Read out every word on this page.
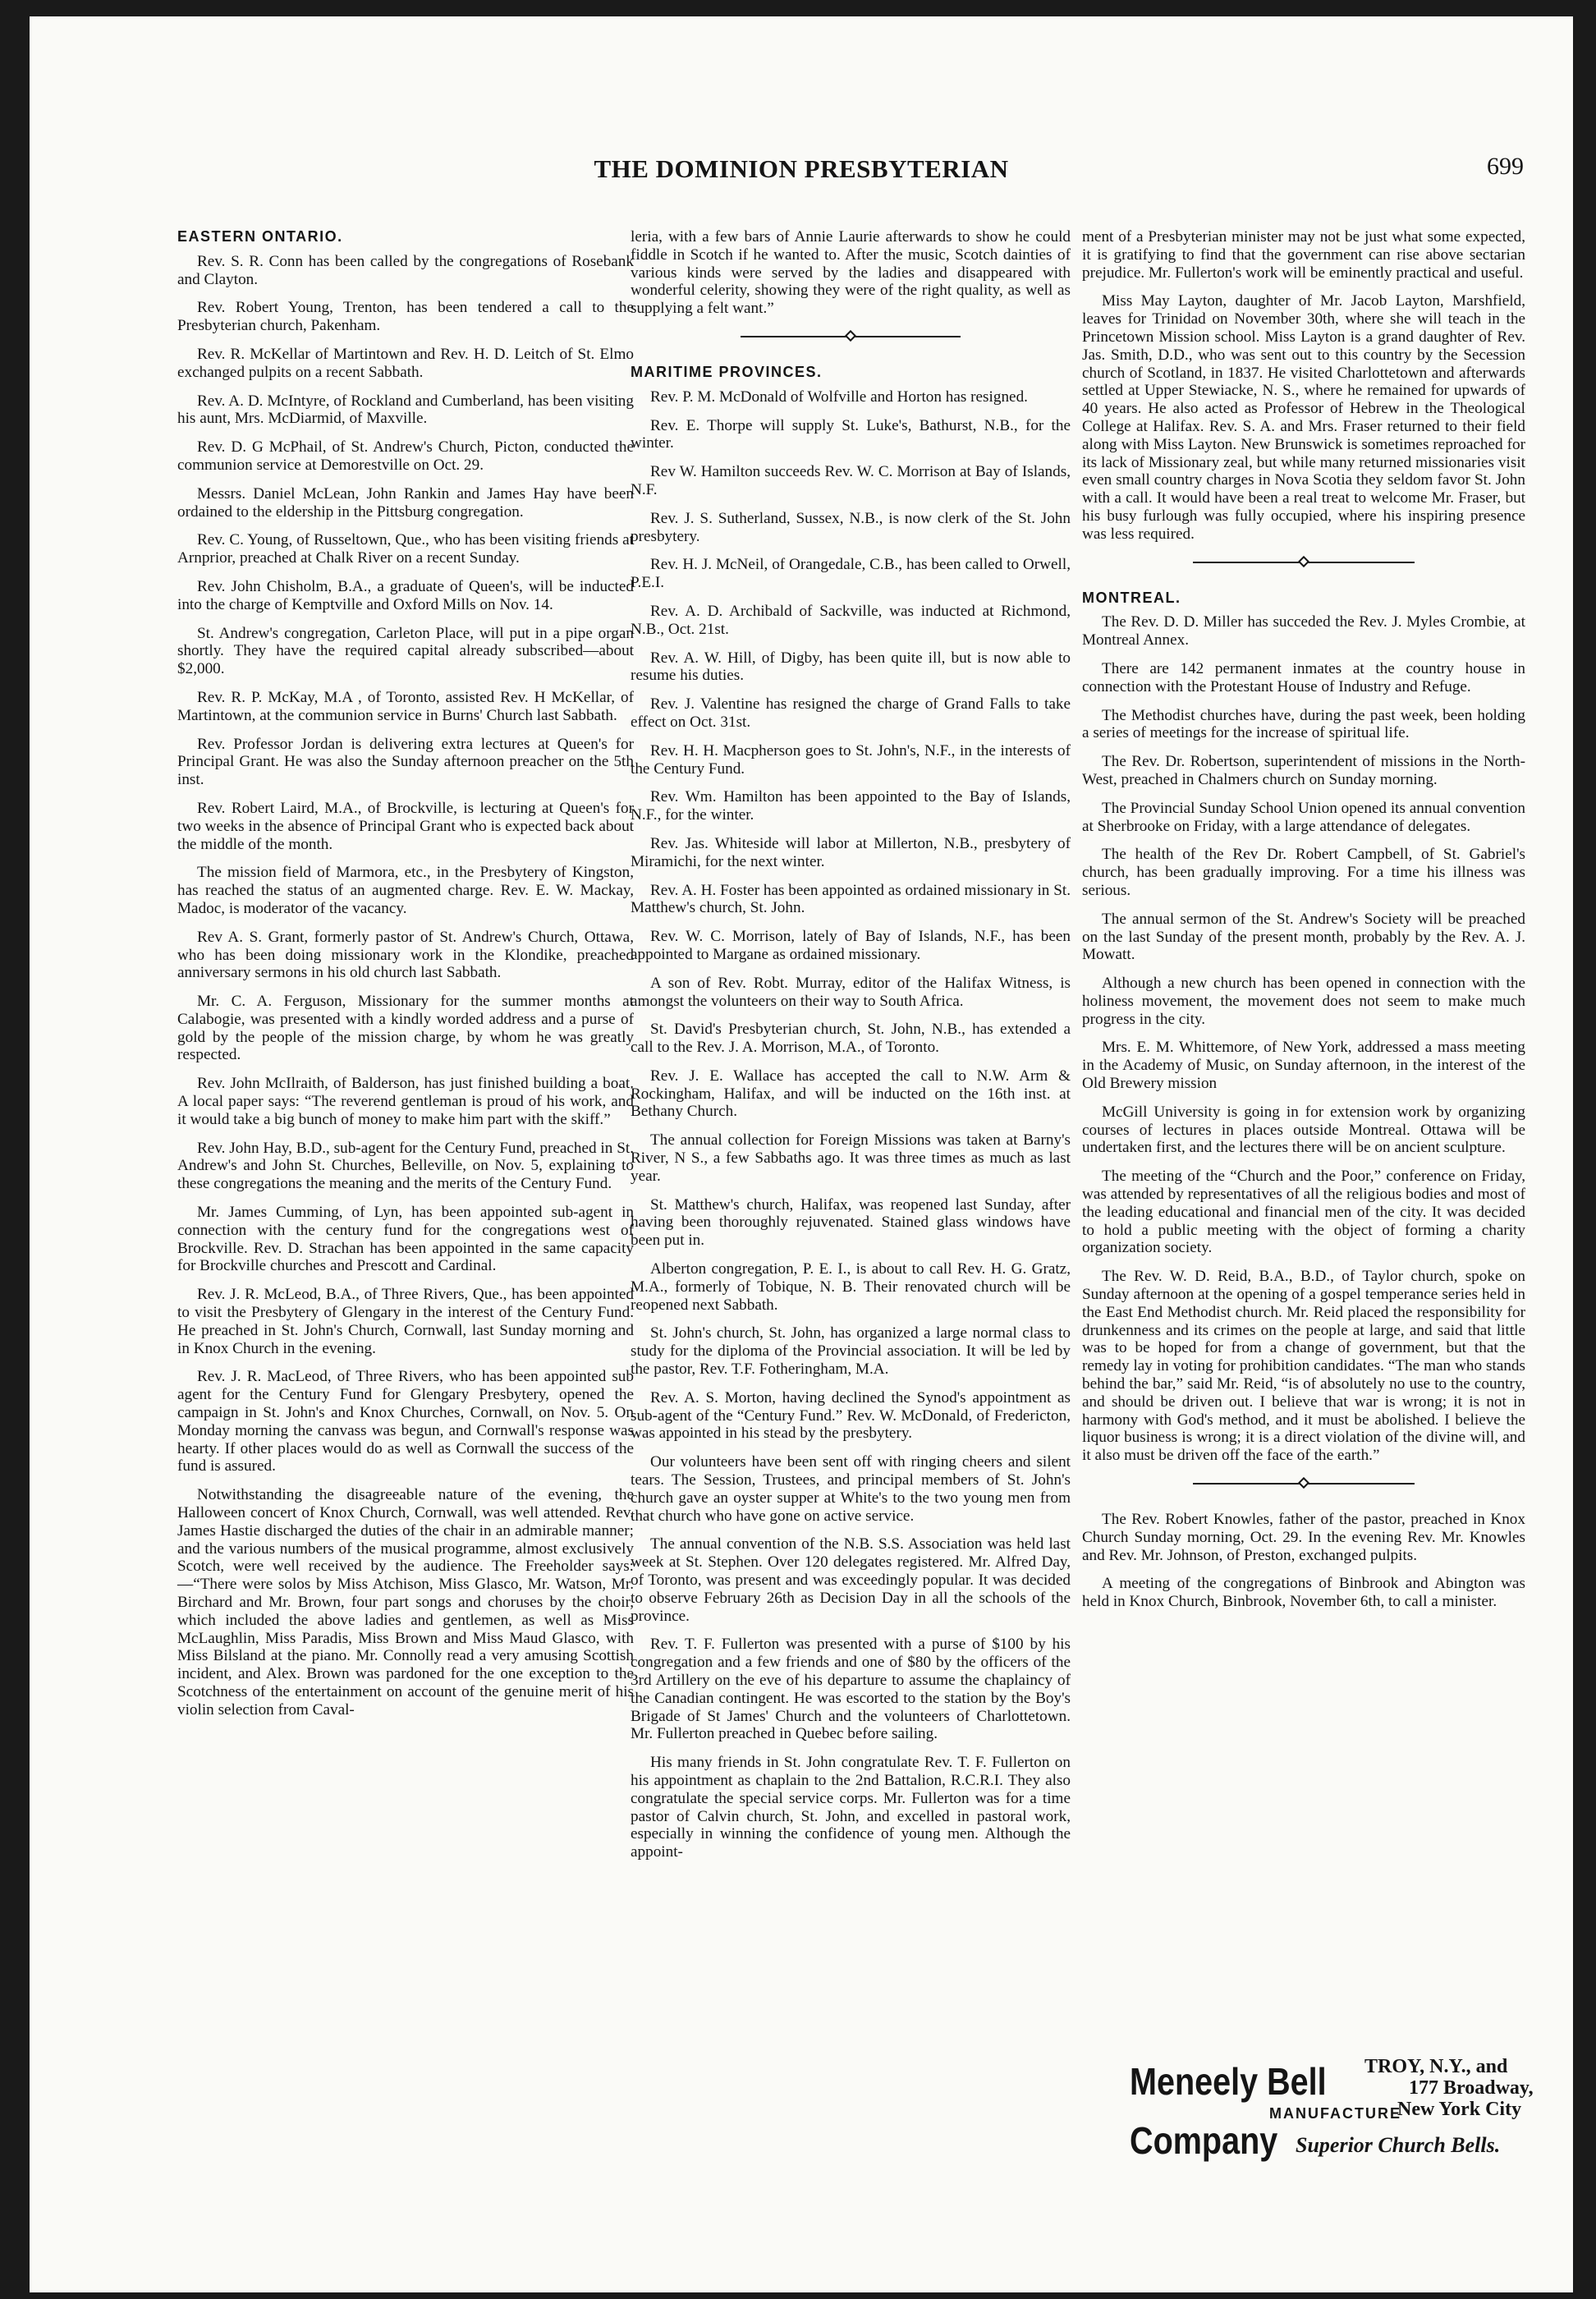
THE DOMINION PRESBYTERIAN	699
EASTERN ONTARIO.

Rev. S. R. Conn has been called by the congregations of Rosebank and Clayton.

Rev. Robert Young, Trenton, has been tendered a call to the Presbyterian church, Pakenham.

Rev. R. McKellar of Martintown and Rev. H. D. Leitch of St. Elmo exchanged pulpits on a recent Sabbath.

Rev. A. D. McIntyre, of Rockland and Cumberland, has been visiting his aunt, Mrs. McDiarmid, of Maxville.

Rev. D. G McPhail, of St. Andrew's Church, Picton, conducted the communion service at Demorestville on Oct. 29.

Messrs. Daniel McLean, John Rankin and James Hay have been ordained to the eldership in the Pittsburg congregation.

Rev. C. Young, of Russeltown, Que., who has been visiting friends at Arnprior, preached at Chalk River on a recent Sunday.

Rev. John Chisholm, B.A., a graduate of Queen's, will be inducted into the charge of Kemptville and Oxford Mills on Nov. 14.

St. Andrew's congregation, Carleton Place, will put in a pipe organ shortly. They have the required capital already subscribed—about $2,000.

Rev. R. P. McKay, M.A , of Toronto, assisted Rev. H McKellar, of Martintown, at the communion service in Burns' Church last Sabbath.

Rev. Professor Jordan is delivering extra lectures at Queen's for Principal Grant. He was also the Sunday afternoon preacher on the 5th inst.

Rev. Robert Laird, M.A., of Brockville, is lecturing at Queen's for two weeks in the absence of Principal Grant who is expected back about the middle of the month.

The mission field of Marmora, etc., in the Presbytery of Kingston, has reached the status of an augmented charge. Rev. E. W. Mackay, Madoc, is moderator of the vacancy.

Rev A. S. Grant, formerly pastor of St. Andrew's Church, Ottawa, who has been doing missionary work in the Klondike, preached anniversary sermons in his old church last Sabbath.

Mr. C. A. Ferguson, Missionary for the summer months at Calabogie, was presented with a kindly worded address and a purse of gold by the people of the mission charge, by whom he was greatly respected.

Rev. John McIlraith, of Balderson, has just finished building a boat. A local paper says: “The reverend gentleman is proud of his work, and it would take a big bunch of money to make him part with the skiff.”

Rev. John Hay, B.D., sub-agent for the Century Fund, preached in St. Andrew's and John St. Churches, Belleville, on Nov. 5, explaining to these congregations the meaning and the merits of the Century Fund.

Mr. James Cumming, of Lyn, has been appointed sub-agent in connection with the century fund for the congregations west of Brockville. Rev. D. Strachan has been appointed in the same capacity for Brockville churches and Prescott and Cardinal.

Rev. J. R. McLeod, B.A., of Three Rivers, Que., has been appointed to visit the Presbytery of Glengary in the interest of the Century Fund. He preached in St. John's Church, Cornwall, last Sunday morning and in Knox Church in the evening.

Rev. J. R. MacLeod, of Three Rivers, who has been appointed sub agent for the Century Fund for Glengary Presbytery, opened the campaign in St. John's and Knox Churches, Cornwall, on Nov. 5. On Monday morning the canvass was begun, and Cornwall's response was hearty. If other places would do as well as Cornwall the success of the fund is assured.

Notwithstanding the disagreeable nature of the evening, the Halloween concert of Knox Church, Cornwall, was well attended. Rev. James Hastie discharged the duties of the chair in an admirable manner; and the various numbers of the musical programme, almost exclusively Scotch, were well received by the audience. The Freeholder says:—“There were solos by Miss Atchison, Miss Glasco, Mr. Watson, Mr. Birchard and Mr. Brown, four part songs and choruses by the choir, which included the above ladies and gentlemen, as well as Miss McLaughlin, Miss Paradis, Miss Brown and Miss Maud Glasco, with Miss Bilsland at the piano. Mr. Connolly read a very amusing Scottish incident, and Alex. Brown was pardoned for the one exception to the Scotchness of the entertainment on account of the genuine merit of his violin selection from Caval-

leria, with a few bars of Annie Laurie afterwards to show he could fiddle in Scotch if he wanted to. After the music, Scotch dainties of various kinds were served by the ladies and disappeared with wonderful celerity, showing they were of the right quality, as well as supplying a felt want.”

MARITIME PROVINCES.

Rev. P. M. McDonald of Wolfville and Horton has resigned.

Rev. E. Thorpe will supply St. Luke's, Bathurst, N.B., for the winter.

Rev W. Hamilton succeeds Rev. W. C. Morrison at Bay of Islands, N.F.

Rev. J. S. Sutherland, Sussex, N.B., is now clerk of the St. John presbytery.

Rev. H. J. McNeil, of Orangedale, C.B., has been called to Orwell, P.E.I.

Rev. A. D. Archibald of Sackville, was inducted at Richmond, N.B., Oct. 21st.

Rev. A. W. Hill, of Digby, has been quite ill, but is now able to resume his duties.

Rev. J. Valentine has resigned the charge of Grand Falls to take effect on Oct. 31st.

Rev. H. H. Macpherson goes to St. John's, N.F., in the interests of the Century Fund.

Rev. Wm. Hamilton has been appointed to the Bay of Islands, N.F., for the winter.

Rev. Jas. Whiteside will labor at Millerton, N.B., presbytery of Miramichi, for the next winter.

Rev. A. H. Foster has been appointed as ordained missionary in St. Matthew's church, St. John.

Rev. W. C. Morrison, lately of Bay of Islands, N.F., has been appointed to Margane as ordained missionary.

A son of Rev. Robt. Murray, editor of the Halifax Witness, is amongst the volunteers on their way to South Africa.

St. David's Presbyterian church, St. John, N.B., has extended a call to the Rev. J. A. Morrison, M.A., of Toronto.

Rev. J. E. Wallace has accepted the call to N.W. Arm & Rockingham, Halifax, and will be inducted on the 16th inst. at Bethany Church.

The annual collection for Foreign Missions was taken at Barny's River, N S., a few Sabbaths ago. It was three times as much as last year.

St. Matthew's church, Halifax, was reopened last Sunday, after having been thoroughly rejuvenated. Stained glass windows have been put in.

Alberton congregation, P. E. I., is about to call Rev. H. G. Gratz, M.A., formerly of Tobique, N. B. Their renovated church will be reopened next Sabbath.

St. John's church, St. John, has organized a large normal class to study for the diploma of the Provincial association. It will be led by the pastor, Rev. T.F. Fotheringham, M.A.

Rev. A. S. Morton, having declined the Synod's appointment as sub-agent of the “Century Fund.” Rev. W. McDonald, of Fredericton, was appointed in his stead by the presbytery.

Our volunteers have been sent off with ringing cheers and silent tears. The Session, Trustees, and principal members of St. John's church gave an oyster supper at White's to the two young men from that church who have gone on active service.

The annual convention of the N.B. S.S. Association was held last week at St. Stephen. Over 120 delegates registered. Mr. Alfred Day, of Toronto, was present and was exceedingly popular. It was decided to observe February 26th as Decision Day in all the schools of the province.

Rev. T. F. Fullerton was presented with a purse of $100 by his congregation and a few friends and one of $80 by the officers of the 3rd Artillery on the eve of his departure to assume the chaplaincy of the Canadian contingent. He was escorted to the station by the Boy's Brigade of St James' Church and the volunteers of Charlottetown. Mr. Fullerton preached in Quebec before sailing.

His many friends in St. John congratulate Rev. T. F. Fullerton on his appointment as chaplain to the 2nd Battalion, R.C.R.I. They also congratulate the special service corps. Mr. Fullerton was for a time pastor of Calvin church, St. John, and excelled in pastoral work, especially in winning the confidence of young men. Although the appoint-

ment of a Presbyterian minister may not be just what some expected, it is gratifying to find that the government can rise above sectarian prejudice. Mr. Fullerton's work will be eminently practical and useful.

Miss May Layton, daughter of Mr. Jacob Layton, Marshfield, leaves for Trinidad on November 30th, where she will teach in the Princetown Mission school. Miss Layton is a grand daughter of Rev. Jas. Smith, D.D., who was sent out to this country by the Secession church of Scotland, in 1837. He visited Charlottetown and afterwards settled at Upper Stewiacke, N. S., where he remained for upwards of 40 years. He also acted as Professor of Hebrew in the Theological College at Halifax. Rev. S. A. and Mrs. Fraser returned to their field along with Miss Layton. New Brunswick is sometimes reproached for its lack of Missionary zeal, but while many returned missionaries visit even small country charges in Nova Scotia they seldom favor St. John with a call. It would have been a real treat to welcome Mr. Fraser, but his busy furlough was fully occupied, where his inspiring presence was less required.

MONTREAL.

The Rev. D. D. Miller has succeded the Rev. J. Myles Crombie, at Montreal Annex.

There are 142 permanent inmates at the country house in connection with the Protestant House of Industry and Refuge.

The Methodist churches have, during the past week, been holding a series of meetings for the increase of spiritual life.

The Rev. Dr. Robertson, superintendent of missions in the North-West, preached in Chalmers church on Sunday morning.

The Provincial Sunday School Union opened its annual convention at Sherbrooke on Friday, with a large attendance of delegates.

The health of the Rev Dr. Robert Campbell, of St. Gabriel's church, has been gradually improving. For a time his illness was serious.

The annual sermon of the St. Andrew's Society will be preached on the last Sunday of the present month, probably by the Rev. A. J. Mowatt.

Although a new church has been opened in connection with the holiness movement, the movement does not seem to make much progress in the city.

Mrs. E. M. Whittemore, of New York, addressed a mass meeting in the Academy of Music, on Sunday afternoon, in the interest of the Old Brewery mission

McGill University is going in for extension work by organizing courses of lectures in places outside Montreal. Ottawa will be undertaken first, and the lectures there will be on ancient sculpture.

The meeting of the “Church and the Poor,” conference on Friday, was attended by representatives of all the religious bodies and most of the leading educational and financial men of the city. It was decided to hold a public meeting with the object of forming a charity organization society.

The Rev. W. D. Reid, B.A., B.D., of Taylor church, spoke on Sunday afternoon at the opening of a gospel temperance series held in the East End Methodist church. Mr. Reid placed the responsibility for drunkenness and its crimes on the people at large, and said that little was to be hoped for from a change of government, but that the remedy lay in voting for prohibition candidates. “The man who stands behind the bar,” said Mr. Reid, “is of absolutely no use to the country, and should be driven out. I believe that war is wrong; it is not in harmony with God's method, and it must be abolished. I believe the liquor business is wrong; it is a direct violation of the divine will, and it also must be driven off the face of the earth.”

The Rev. Robert Knowles, father of the pastor, preached in Knox Church Sunday morning, Oct. 29. In the evening Rev. Mr. Knowles and Rev. Mr. Johnson, of Preston, exchanged pulpits.

A meeting of the congregations of Binbrook and Abington was held in Knox Church, Binbrook, November 6th, to call a minister.

Meneely Bell
MANUFACTURE
Company
TROY, N.Y., and
177 Broadway,
New York City
Superior Church Bells.
